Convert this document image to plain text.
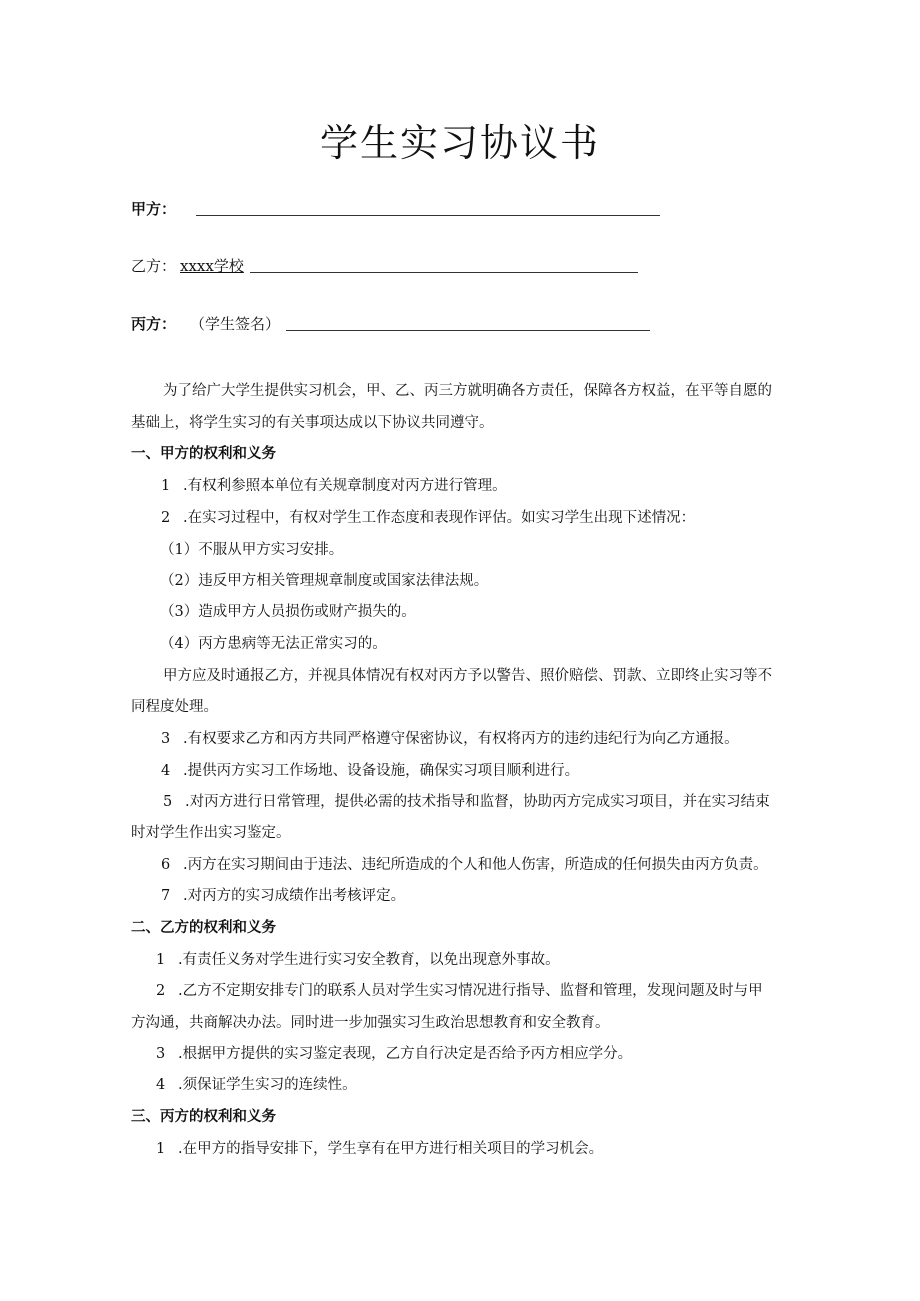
学生实习协议书
甲方：
乙方： xxxx学校
丙方： （学生签名）
为了给广大学生提供实习机会，甲、乙、丙三方就明确各方责任，保障各方权益，在平等自愿的
基础上，将学生实习的有关事项达成以下协议共同遵守。
一、甲方的权利和义务
1 .有权利参照本单位有关规章制度对丙方进行管理。
2 .在实习过程中，有权对学生工作态度和表现作评估。如实习学生出现下述情况：
（1）不服从甲方实习安排。
（2）违反甲方相关管理规章制度或国家法律法规。
（3）造成甲方人员损伤或财产损失的。
（4）丙方患病等无法正常实习的。
甲方应及时通报乙方，并视具体情况有权对丙方予以警告、照价赔偿、罚款、立即终止实习等不
同程度处理。
3 .有权要求乙方和丙方共同严格遵守保密协议，有权将丙方的违约违纪行为向乙方通报。
4 .提供丙方实习工作场地、设备设施，确保实习项目顺利进行。
5 .对丙方进行日常管理，提供必需的技术指导和监督，协助丙方完成实习项目，并在实习结束
时对学生作出实习鉴定。
6 .丙方在实习期间由于违法、违纪所造成的个人和他人伤害，所造成的任何损失由丙方负责。
7 .对丙方的实习成绩作出考核评定。
二、乙方的权利和义务
1 .有责任义务对学生进行实习安全教育，以免出现意外事故。
2 .乙方不定期安排专门的联系人员对学生实习情况进行指导、监督和管理，发现问题及时与甲
方沟通，共商解决办法。同时进一步加强实习生政治思想教育和安全教育。
3 .根据甲方提供的实习鉴定表现，乙方自行决定是否给予丙方相应学分。
4 .须保证学生实习的连续性。
三、丙方的权利和义务
1 .在甲方的指导安排下，学生享有在甲方进行相关项目的学习机会。
